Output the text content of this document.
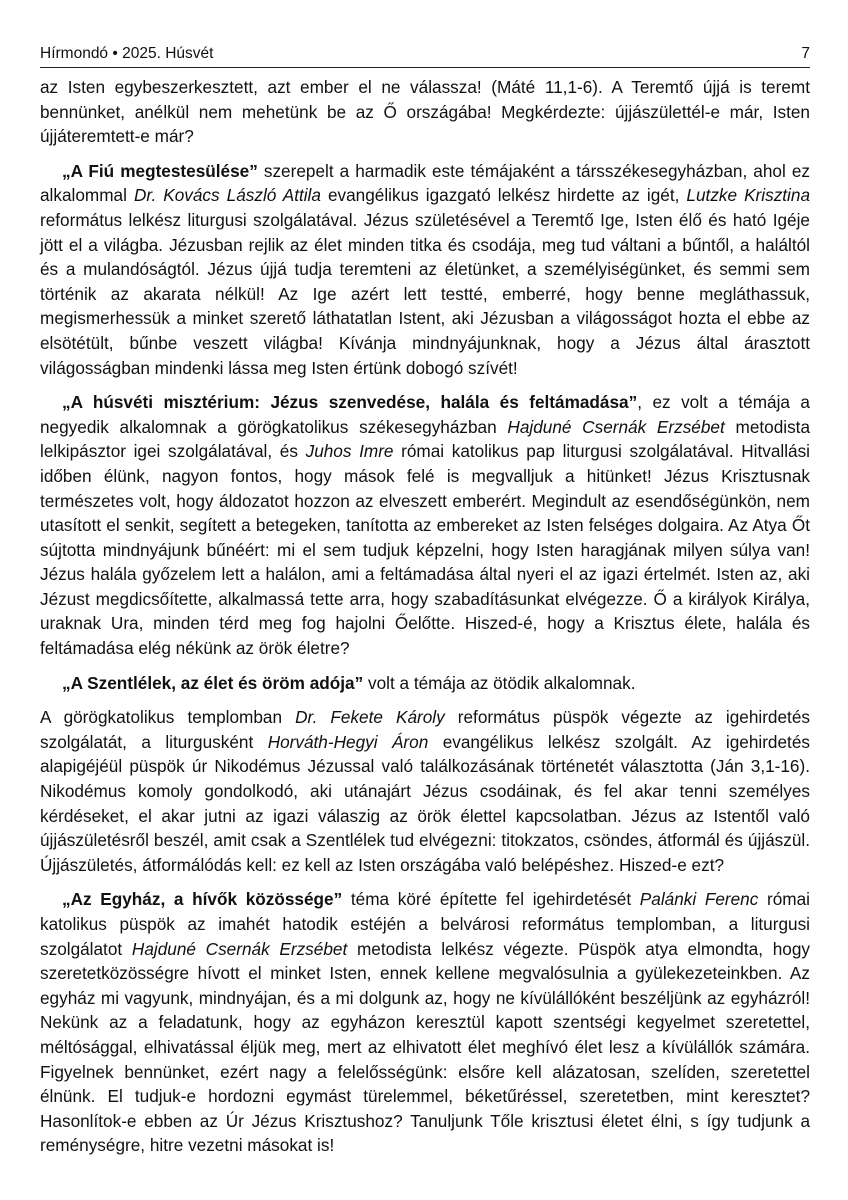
Hírmondó • 2025. Húsvét	7

az Isten egybeszerkesztett, azt ember el ne válassza! (Máté 11,1-6). A Teremtő újjá is teremt bennünket, anélkül nem mehetünk be az Ő országába! Megkérdezte: újjászülettél-e már, Isten újjáteremtett-e már?

„A Fiú megtestesülése” szerepelt a harmadik este témájaként a társszékesegyházban, ahol ez alkalommal Dr. Kovács László Attila evangélikus igazgató lelkész hirdette az igét, Lutzke Krisztina református lelkész liturgusi szolgálatával. Jézus születésével a Teremtő Ige, Isten élő és ható Igéje jött el a világba. Jézusban rejlik az élet minden titka és csodája, meg tud váltani a bűntől, a haláltól és a mulandóságtól. Jézus újjá tudja teremteni az életünket, a személyiségünket, és semmi sem történik az akarata nélkül! Az Ige azért lett testté, emberré, hogy benne megláthassuk, megismerhessük a minket szerető láthatatlan Istent, aki Jézusban a világosságot hozta el ebbe az elsötétült, bűnbe veszett világba! Kívánja mindnyájunknak, hogy a Jézus által árasztott világosságban mindenki lássa meg Isten értünk dobogó szívét!

„A húsvéti misztérium: Jézus szenvedése, halála és feltámadása”, ez volt a témája a negyedik alkalomnak a görögkatolikus székesegyházban Hajduné Csernák Erzsébet metodista lelkipásztor igei szolgálatával, és Juhos Imre római katolikus pap liturgusi szolgálatával. Hitvallási időben élünk, nagyon fontos, hogy mások felé is megvalljuk a hitünket! Jézus Krisztusnak természetes volt, hogy áldozatot hozzon az elveszett emberért. Megindult az esendőségünkön, nem utasított el senkit, segített a betegeken, tanította az embereket az Isten felséges dolgaira. Az Atya Őt sújtotta mindnyájunk bűnéért: mi el sem tudjuk képzelni, hogy Isten haragjának milyen súlya van! Jézus halála győzelem lett a halálon, ami a feltámadása által nyeri el az igazi értelmét. Isten az, aki Jézust megdicsőítette, alkalmassá tette arra, hogy szabadításunkat elvégezze. Ő a királyok Királya, uraknak Ura, minden térd meg fog hajolni Őelőtte. Hiszed-é, hogy a Krisztus élete, halála és feltámadása elég nékünk az örök életre?

„A Szentlélek, az élet és öröm adója” volt a témája az ötödik alkalomnak.

A görögkatolikus templomban Dr. Fekete Károly református püspök végezte az igehirdetés szolgálatát, a liturgusként Horváth-Hegyi Áron evangélikus lelkész szolgált. Az igehirdetés alapigéjéül püspök úr Nikodémus Jézussal való találkozásának történetét választotta (Ján 3,1-16). Nikodémus komoly gondolkodó, aki utánajárt Jézus csodáinak, és fel akar tenni személyes kérdéseket, el akar jutni az igazi válaszig az örök élettel kapcsolatban. Jézus az Istentől való újjászületésről beszél, amit csak a Szentlélek tud elvégezni: titokzatos, csöndes, átformál és újjászül. Újjászületés, átformálódás kell: ez kell az Isten országába való belépéshez. Hiszed-e ezt?

„Az Egyház, a hívők közössége” téma köré építette fel igehirdetését Palánki Ferenc római katolikus püspök az imahét hatodik estéjén a belvárosi református templomban, a liturgusi szolgálatot Hajduné Csernák Erzsébet metodista lelkész végezte. Püspök atya elmondta, hogy szeretetközösségre hívott el minket Isten, ennek kellene megvalósulnia a gyülekezeteinkben. Az egyház mi vagyunk, mindnyájan, és a mi dolgunk az, hogy ne kívülállóként beszéljünk az egyházról! Nekünk az a feladatunk, hogy az egyházon keresztül kapott szentségi kegyelmet szeretettel, méltósággal, elhivatással éljük meg, mert az elhivatott élet meghívó élet lesz a kívülállók számára. Figyelnek bennünket, ezért nagy a felelősségünk: elsőre kell alázatosan, szelíden, szeretettel élnünk. El tudjuk-e hordozni egymást türelemmel, béketűréssel, szeretetben, mint keresztet? Hasonlítok-e ebben az Úr Jézus Krisztushoz? Tanuljunk Tőle krisztusi életet élni, s így tudjunk a reménységre, hitre vezetni másokat is!
